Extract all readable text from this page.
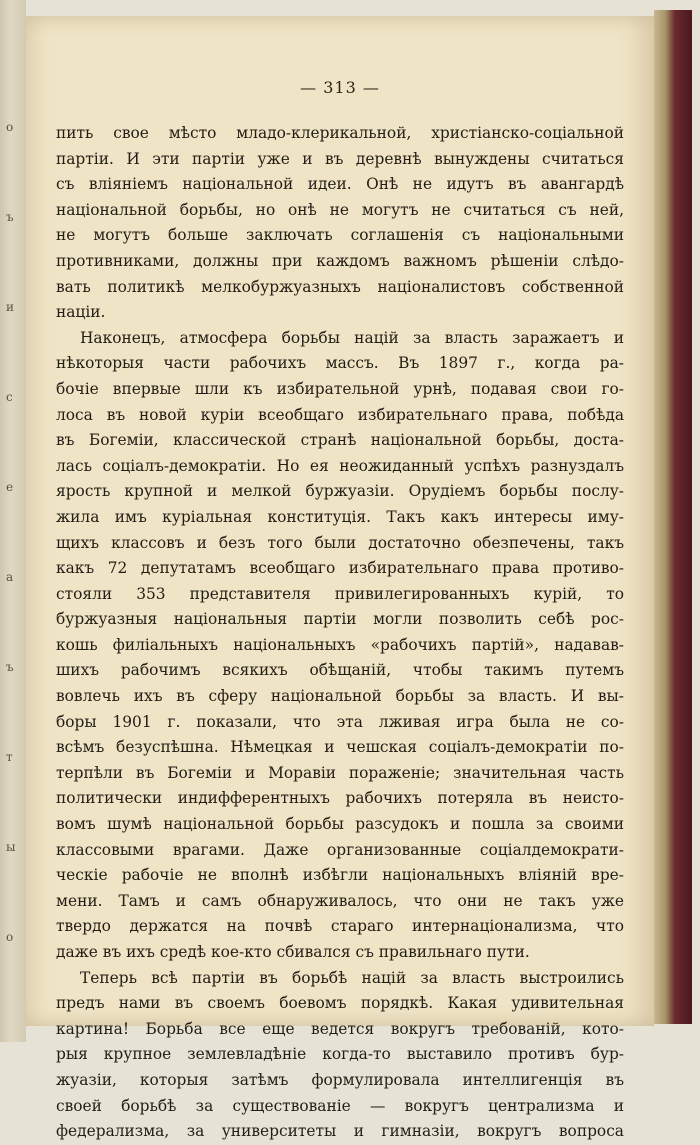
о
ъ
и
с
е
а
ъ
т
ы
о
— 313 —
пить свое мѣсто младо-клерикальной, христіанско-соціальной
партіи. И эти партіи уже и въ деревнѣ вынуждены считаться
съ вліяніемъ національной идеи. Онѣ не идутъ въ авангардѣ
національной борьбы, но онѣ не могутъ не считаться съ ней,
не могутъ больше заключать соглашенія съ національными
противниками, должны при каждомъ важномъ рѣшеніи слѣдо-
вать политикѣ мелкобуржуазныхъ націоналистовъ собственной
націи.
Наконецъ, атмосфера борьбы націй за власть заражаетъ и
нѣкоторыя части рабочихъ массъ. Въ 1897 г., когда ра-
бочіе впервые шли къ избирательной урнѣ, подавая свои го-
лоса въ новой куріи всеобщаго избирательнаго права, побѣда
въ Богеміи, классической странѣ національной борьбы, доста-
лась соціалъ-демократіи. Но ея неожиданный успѣхъ разнуздалъ
ярость крупной и мелкой буржуазіи. Орудіемъ борьбы послу-
жила имъ куріальная конституція. Такъ какъ интересы иму-
щихъ классовъ и безъ того были достаточно обезпечены, такъ
какъ 72 депутатамъ всеобщаго избирательнаго права противо-
стояли 353 представителя привилегированныхъ курій, то
буржуазныя національныя партіи могли позволить себѣ рос-
кошь филіальныхъ національныхъ «рабочихъ партій», надавав-
шихъ рабочимъ всякихъ обѣщаній, чтобы такимъ путемъ
вовлечь ихъ въ сферу національной борьбы за власть. И вы-
боры 1901 г. показали, что эта лживая игра была не со-
всѣмъ безуспѣшна. Нѣмецкая и чешская соціалъ-демократіи по-
терпѣли въ Богеміи и Моравіи пораженіе; значительная часть
политически индифферентныхъ рабочихъ потеряла въ неисто-
вомъ шумѣ національной борьбы разсудокъ и пошла за своими
классовыми врагами. Даже организованные соціалдемократи-
ческіе рабочіе не вполнѣ избѣгли національныхъ вліяній вре-
мени. Тамъ и самъ обнаруживалось, что они не такъ уже
твердо держатся на почвѣ стараго интернаціонализма, что
даже въ ихъ средѣ кое-кто сбивался съ правильнаго пути.
Теперь всѣ партіи въ борьбѣ націй за власть выстроились
предъ нами въ своемъ боевомъ порядкѣ. Какая удивительная
картина! Борьба все еще ведется вокругъ требованій, кото-
рыя крупное землевладѣніе когда-то выставило противъ бур-
жуазіи, которыя затѣмъ формулировала интеллигенція въ
своей борьбѣ за существованіе — вокругъ централизма и
федерализма, за университеты и гимназіи, вокругъ вопроса
